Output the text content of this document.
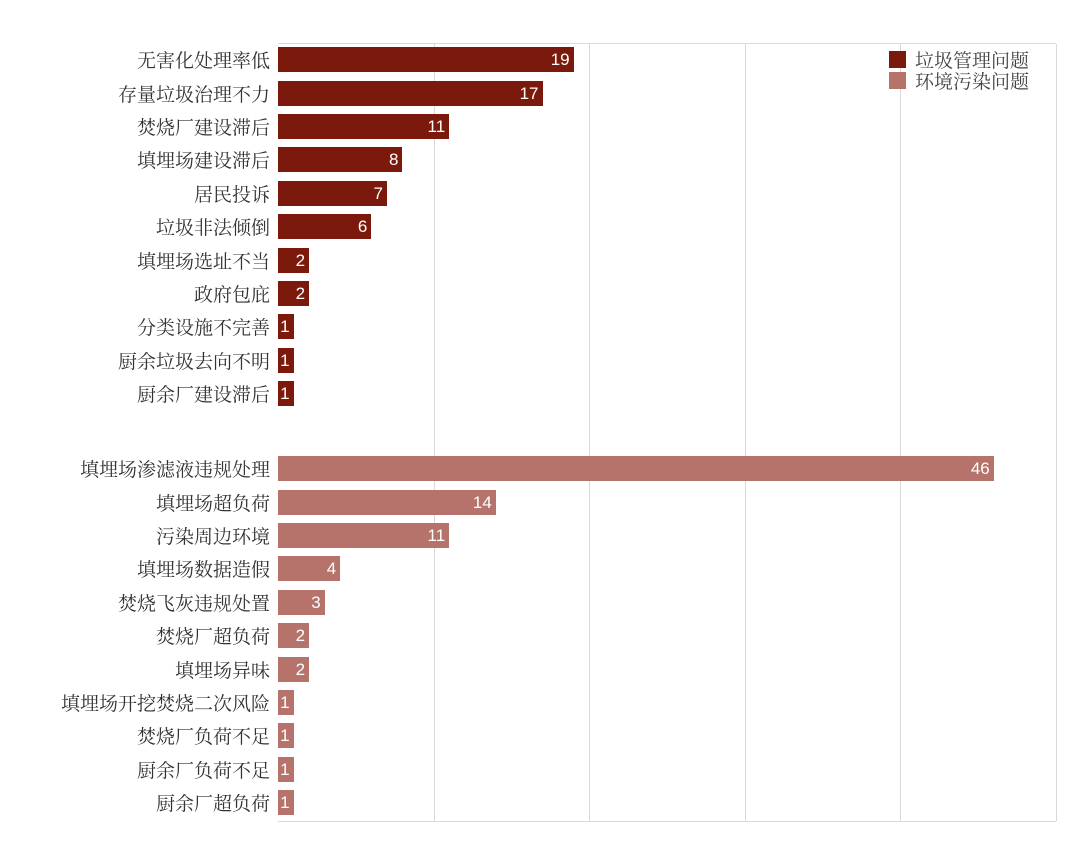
无害化处理率低	19
存量垃圾治理不力	17
焚烧厂建设滞后	11
填埋场建设滞后	8
居民投诉	7
垃圾非法倾倒	6
填埋场选址不当	2
政府包庇	2
分类设施不完善 1
厨余垃圾去向不明 1
厨余厂建设滞后 1
填埋场渗滤液违规处理	46
填埋场超负荷	14
污染周边环境	11
填埋场数据造假	4
焚烧飞灰违规处置	3
焚烧厂超负荷	2
填埋场异味	2
填埋场开挖焚烧二次风险 1
焚烧厂负荷不足 1
厨余厂负荷不足 1
厨余厂超负荷 1
垃圾管理问题
环境污染问题
